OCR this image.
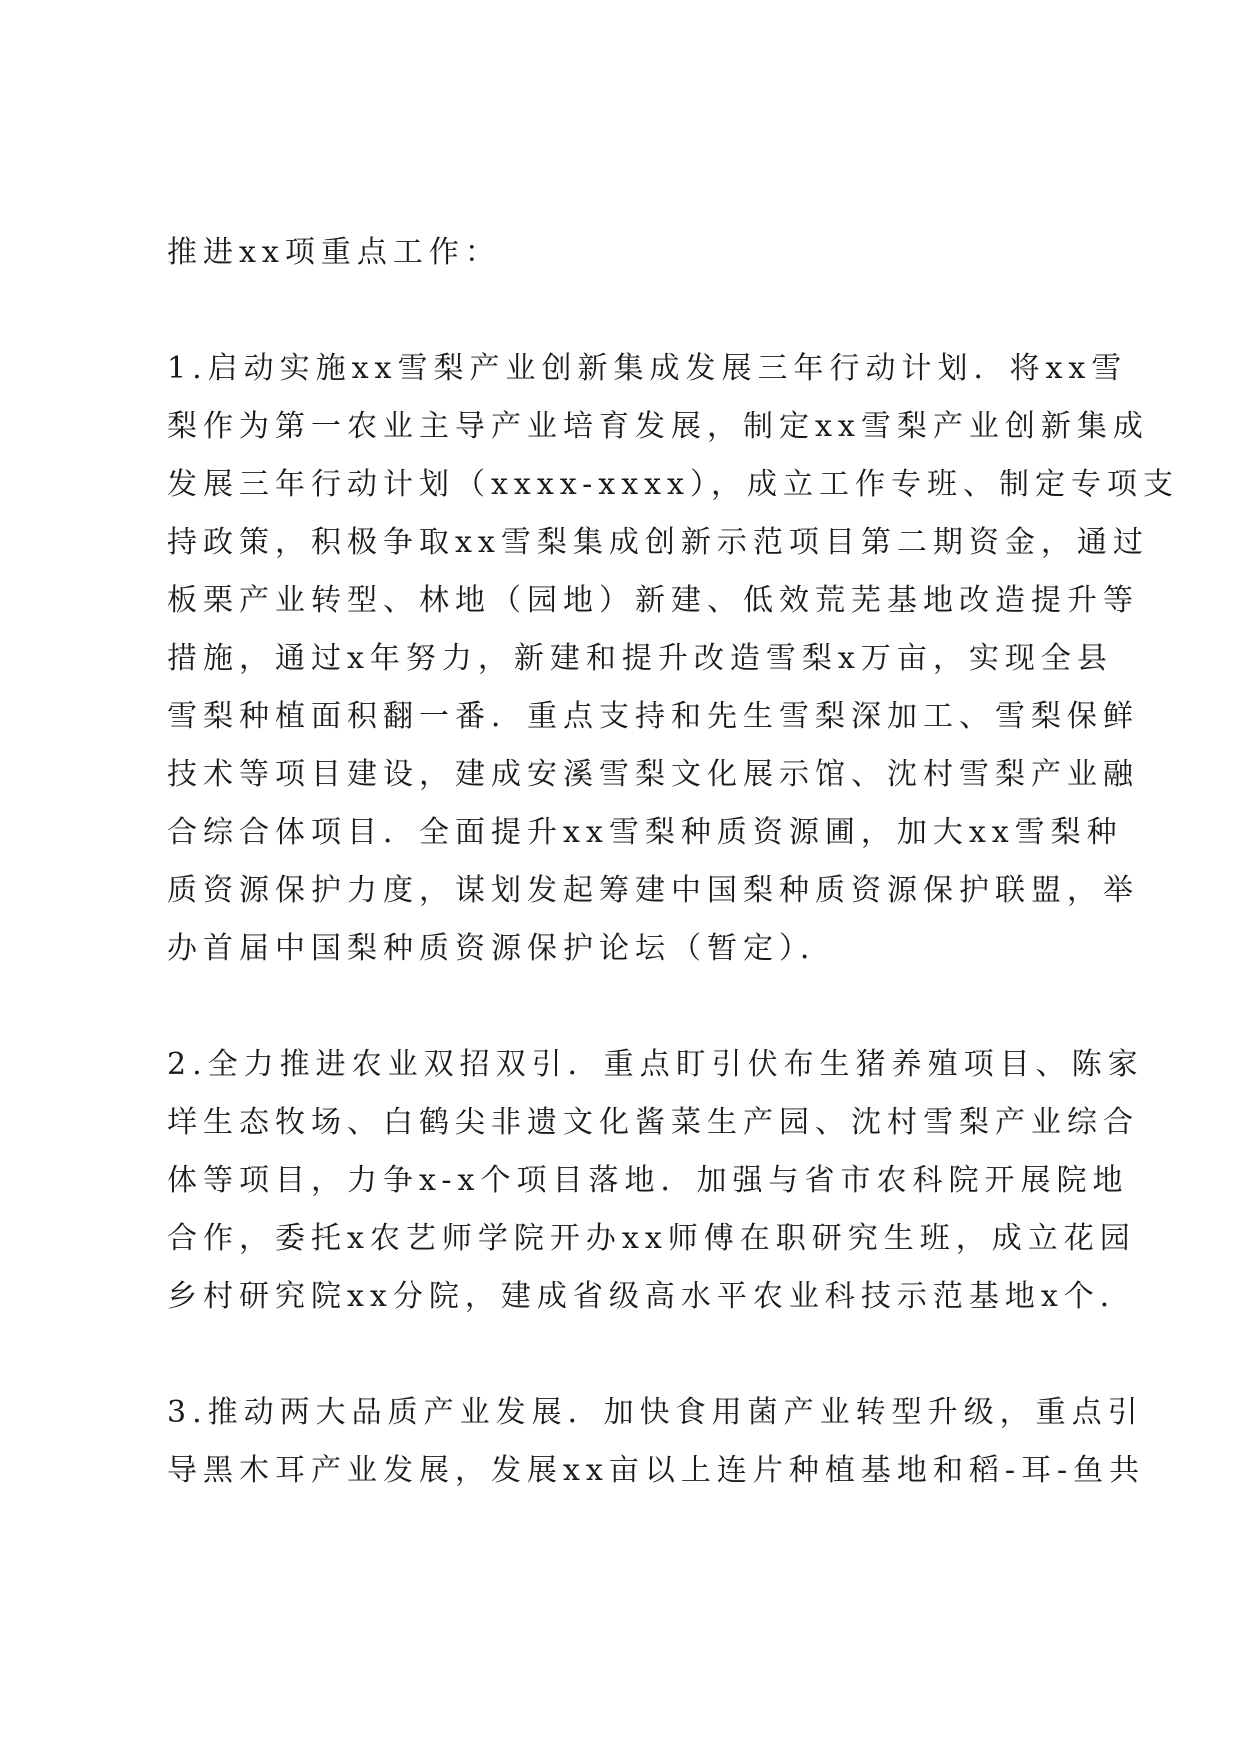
推进xx项重点工作：
1.启动实施xx雪梨产业创新集成发展三年行动计划．将xx雪
梨作为第一农业主导产业培育发展，制定xx雪梨产业创新集成
发展三年行动计划（xxxx-xxxx），成立工作专班、制定专项支
持政策，积极争取xx雪梨集成创新示范项目第二期资金，通过
板栗产业转型、林地（园地）新建、低效荒芜基地改造提升等
措施，通过x年努力，新建和提升改造雪梨x万亩，实现全县
雪梨种植面积翻一番．重点支持和先生雪梨深加工、雪梨保鲜
技术等项目建设，建成安溪雪梨文化展示馆、沈村雪梨产业融
合综合体项目．全面提升xx雪梨种质资源圃，加大xx雪梨种
质资源保护力度，谋划发起筹建中国梨种质资源保护联盟，举
办首届中国梨种质资源保护论坛（暂定）．
2.全力推进农业双招双引．重点盯引伏布生猪养殖项目、陈家
垟生态牧场、白鹤尖非遗文化酱菜生产园、沈村雪梨产业综合
体等项目，力争x-x个项目落地．加强与省市农科院开展院地
合作，委托x农艺师学院开办xx师傅在职研究生班，成立花园
乡村研究院xx分院，建成省级高水平农业科技示范基地x个．
3.推动两大品质产业发展．加快食用菌产业转型升级，重点引
导黑木耳产业发展，发展xx亩以上连片种植基地和稻-耳-鱼共
